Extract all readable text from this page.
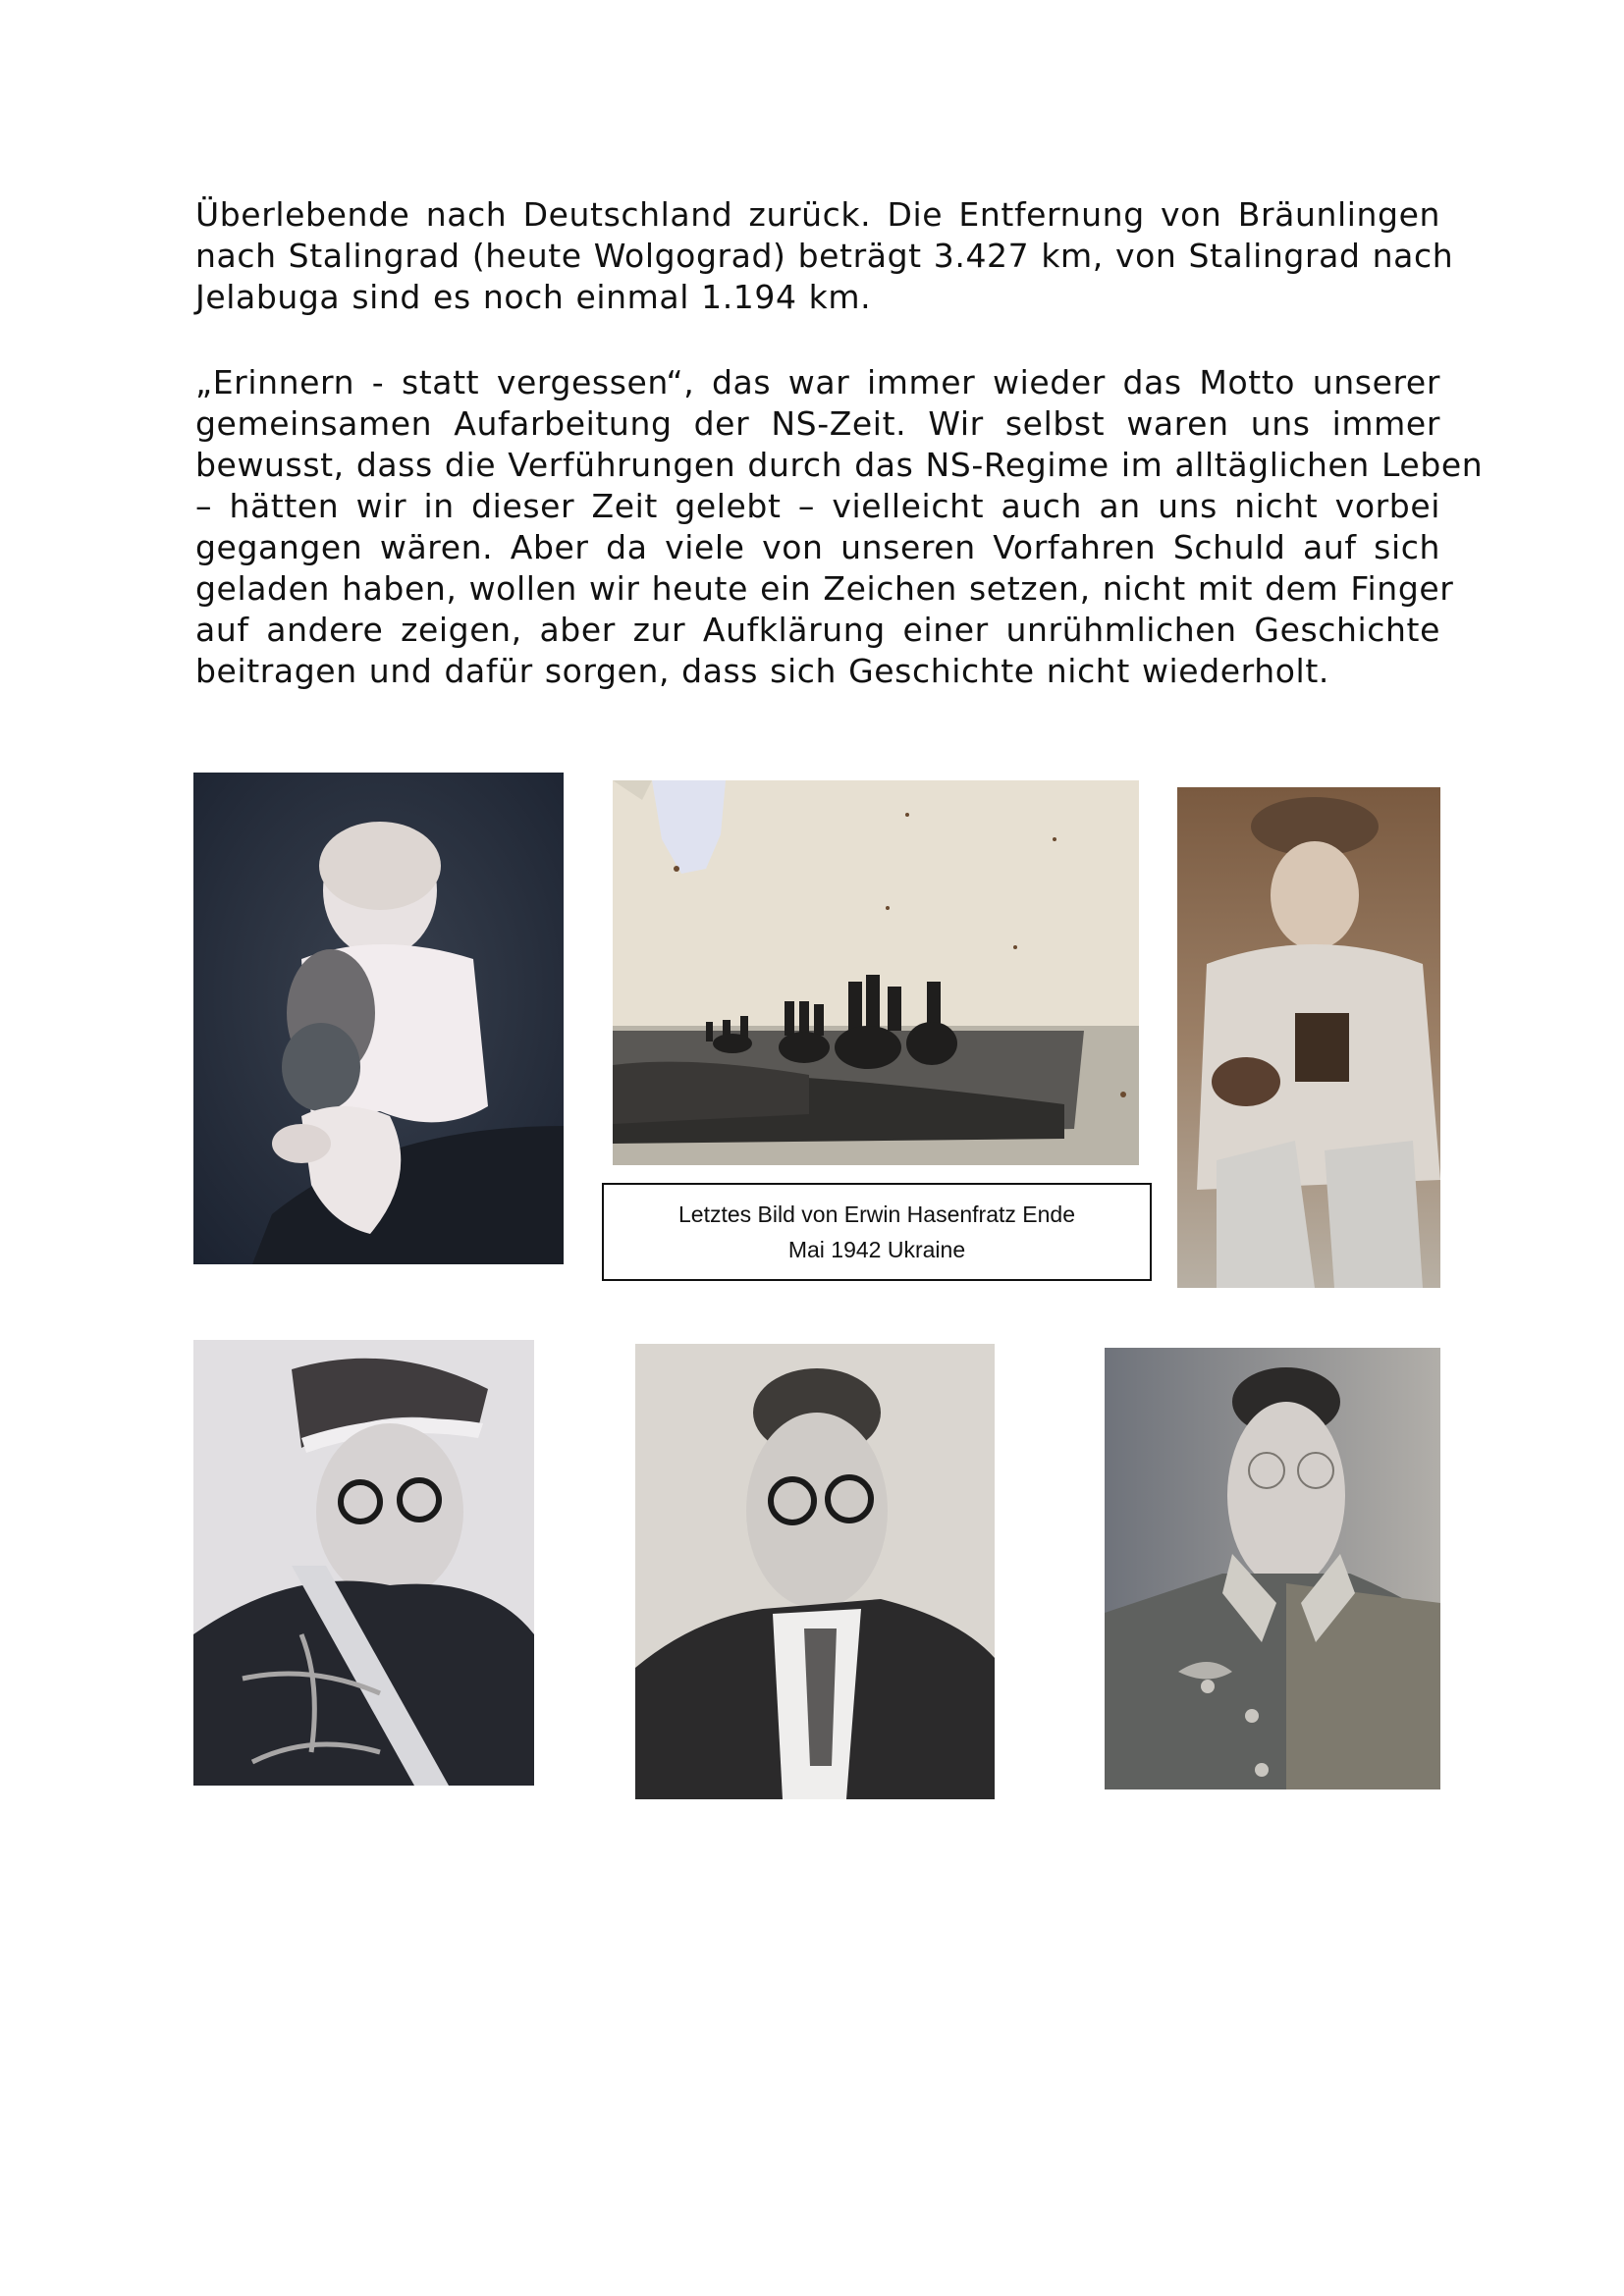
Überlebende nach Deutschland zurück. Die Entfernung von Bräunlingen
nach Stalingrad (heute Wolgograd) beträgt 3.427 km, von Stalingrad nach
Jelabuga sind es noch einmal 1.194 km.

„Erinnern - statt vergessen“, das war immer wieder das Motto unserer
gemeinsamen Aufarbeitung der NS-Zeit. Wir selbst waren uns immer
bewusst, dass die Verführungen durch das NS-Regime im alltäglichen Leben
– hätten wir in dieser Zeit gelebt – vielleicht auch an uns nicht vorbei
gegangen wären. Aber da viele von unseren Vorfahren Schuld auf sich
geladen haben, wollen wir heute ein Zeichen setzen, nicht mit dem Finger
auf andere zeigen, aber zur Aufklärung einer unrühmlichen Geschichte
beitragen und dafür sorgen, dass sich Geschichte nicht wiederholt.

Letztes Bild von Erwin Hasenfratz Ende
Mai 1942 Ukraine
